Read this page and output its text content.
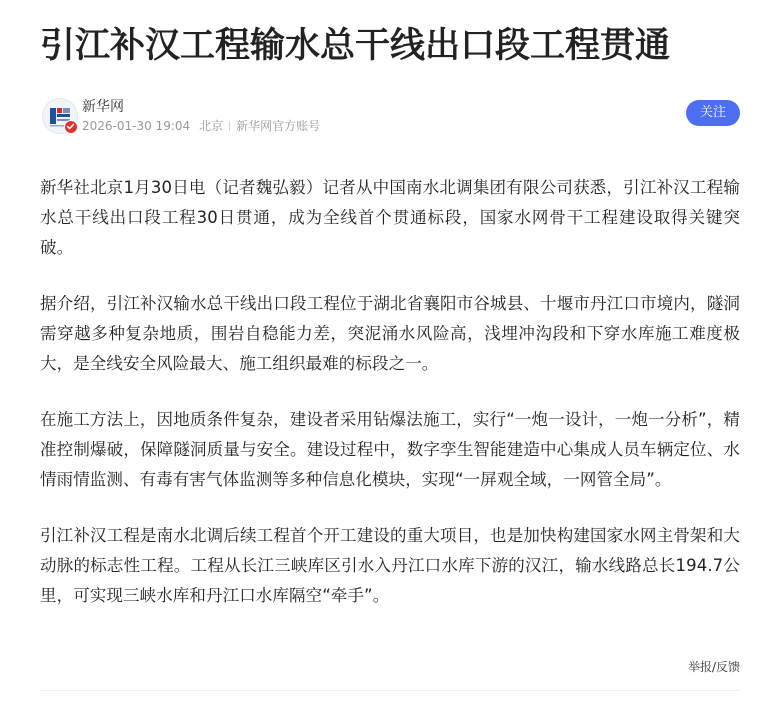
引江补汉工程输水总干线出口段工程贯通
新华网
2026-01-30 19:04 北京 新华网官方账号
关注

新华社北京1月30日电（记者魏弘毅）记者从中国南水北调集团有限公司获悉，引江补汉工程输水总干线出口段工程30日贯通，成为全线首个贯通标段，国家水网骨干工程建设取得关键突破。

据介绍，引江补汉输水总干线出口段工程位于湖北省襄阳市谷城县、十堰市丹江口市境内，隧洞需穿越多种复杂地质，围岩自稳能力差，突泥涌水风险高，浅埋冲沟段和下穿水库施工难度极大，是全线安全风险最大、施工组织最难的标段之一。

在施工方法上，因地质条件复杂，建设者采用钻爆法施工，实行“一炮一设计，一炮一分析”，精准控制爆破，保障隧洞质量与安全。建设过程中，数字孪生智能建造中心集成人员车辆定位、水情雨情监测、有毒有害气体监测等多种信息化模块，实现“一屏观全域，一网管全局”。

引江补汉工程是南水北调后续工程首个开工建设的重大项目，也是加快构建国家水网主骨架和大动脉的标志性工程。工程从长江三峡库区引水入丹江口水库下游的汉江，输水线路总长194.7公里，可实现三峡水库和丹江口水库隔空“牵手”。

举报/反馈
